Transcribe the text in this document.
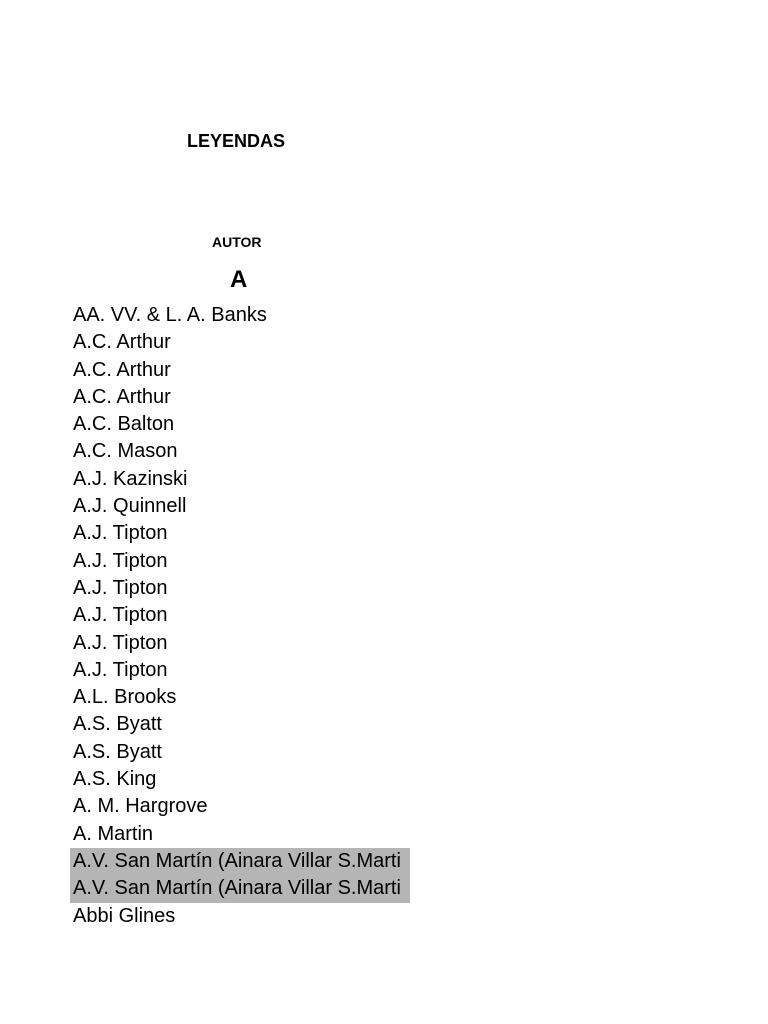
LEYENDAS
AUTOR
A
AA. VV. & L. A. Banks
A.C. Arthur
A.C. Arthur
A.C. Arthur
A.C. Balton
A.C. Mason
A.J. Kazinski
A.J. Quinnell
A.J. Tipton
A.J. Tipton
A.J. Tipton
A.J. Tipton
A.J. Tipton
A.J. Tipton
A.L. Brooks
A.S. Byatt
A.S. Byatt
A.S. King
A. M. Hargrove
A. Martin
A.V. San Martín (Ainara Villar S.Marti
A.V. San Martín (Ainara Villar S.Marti
Abbi Glines
